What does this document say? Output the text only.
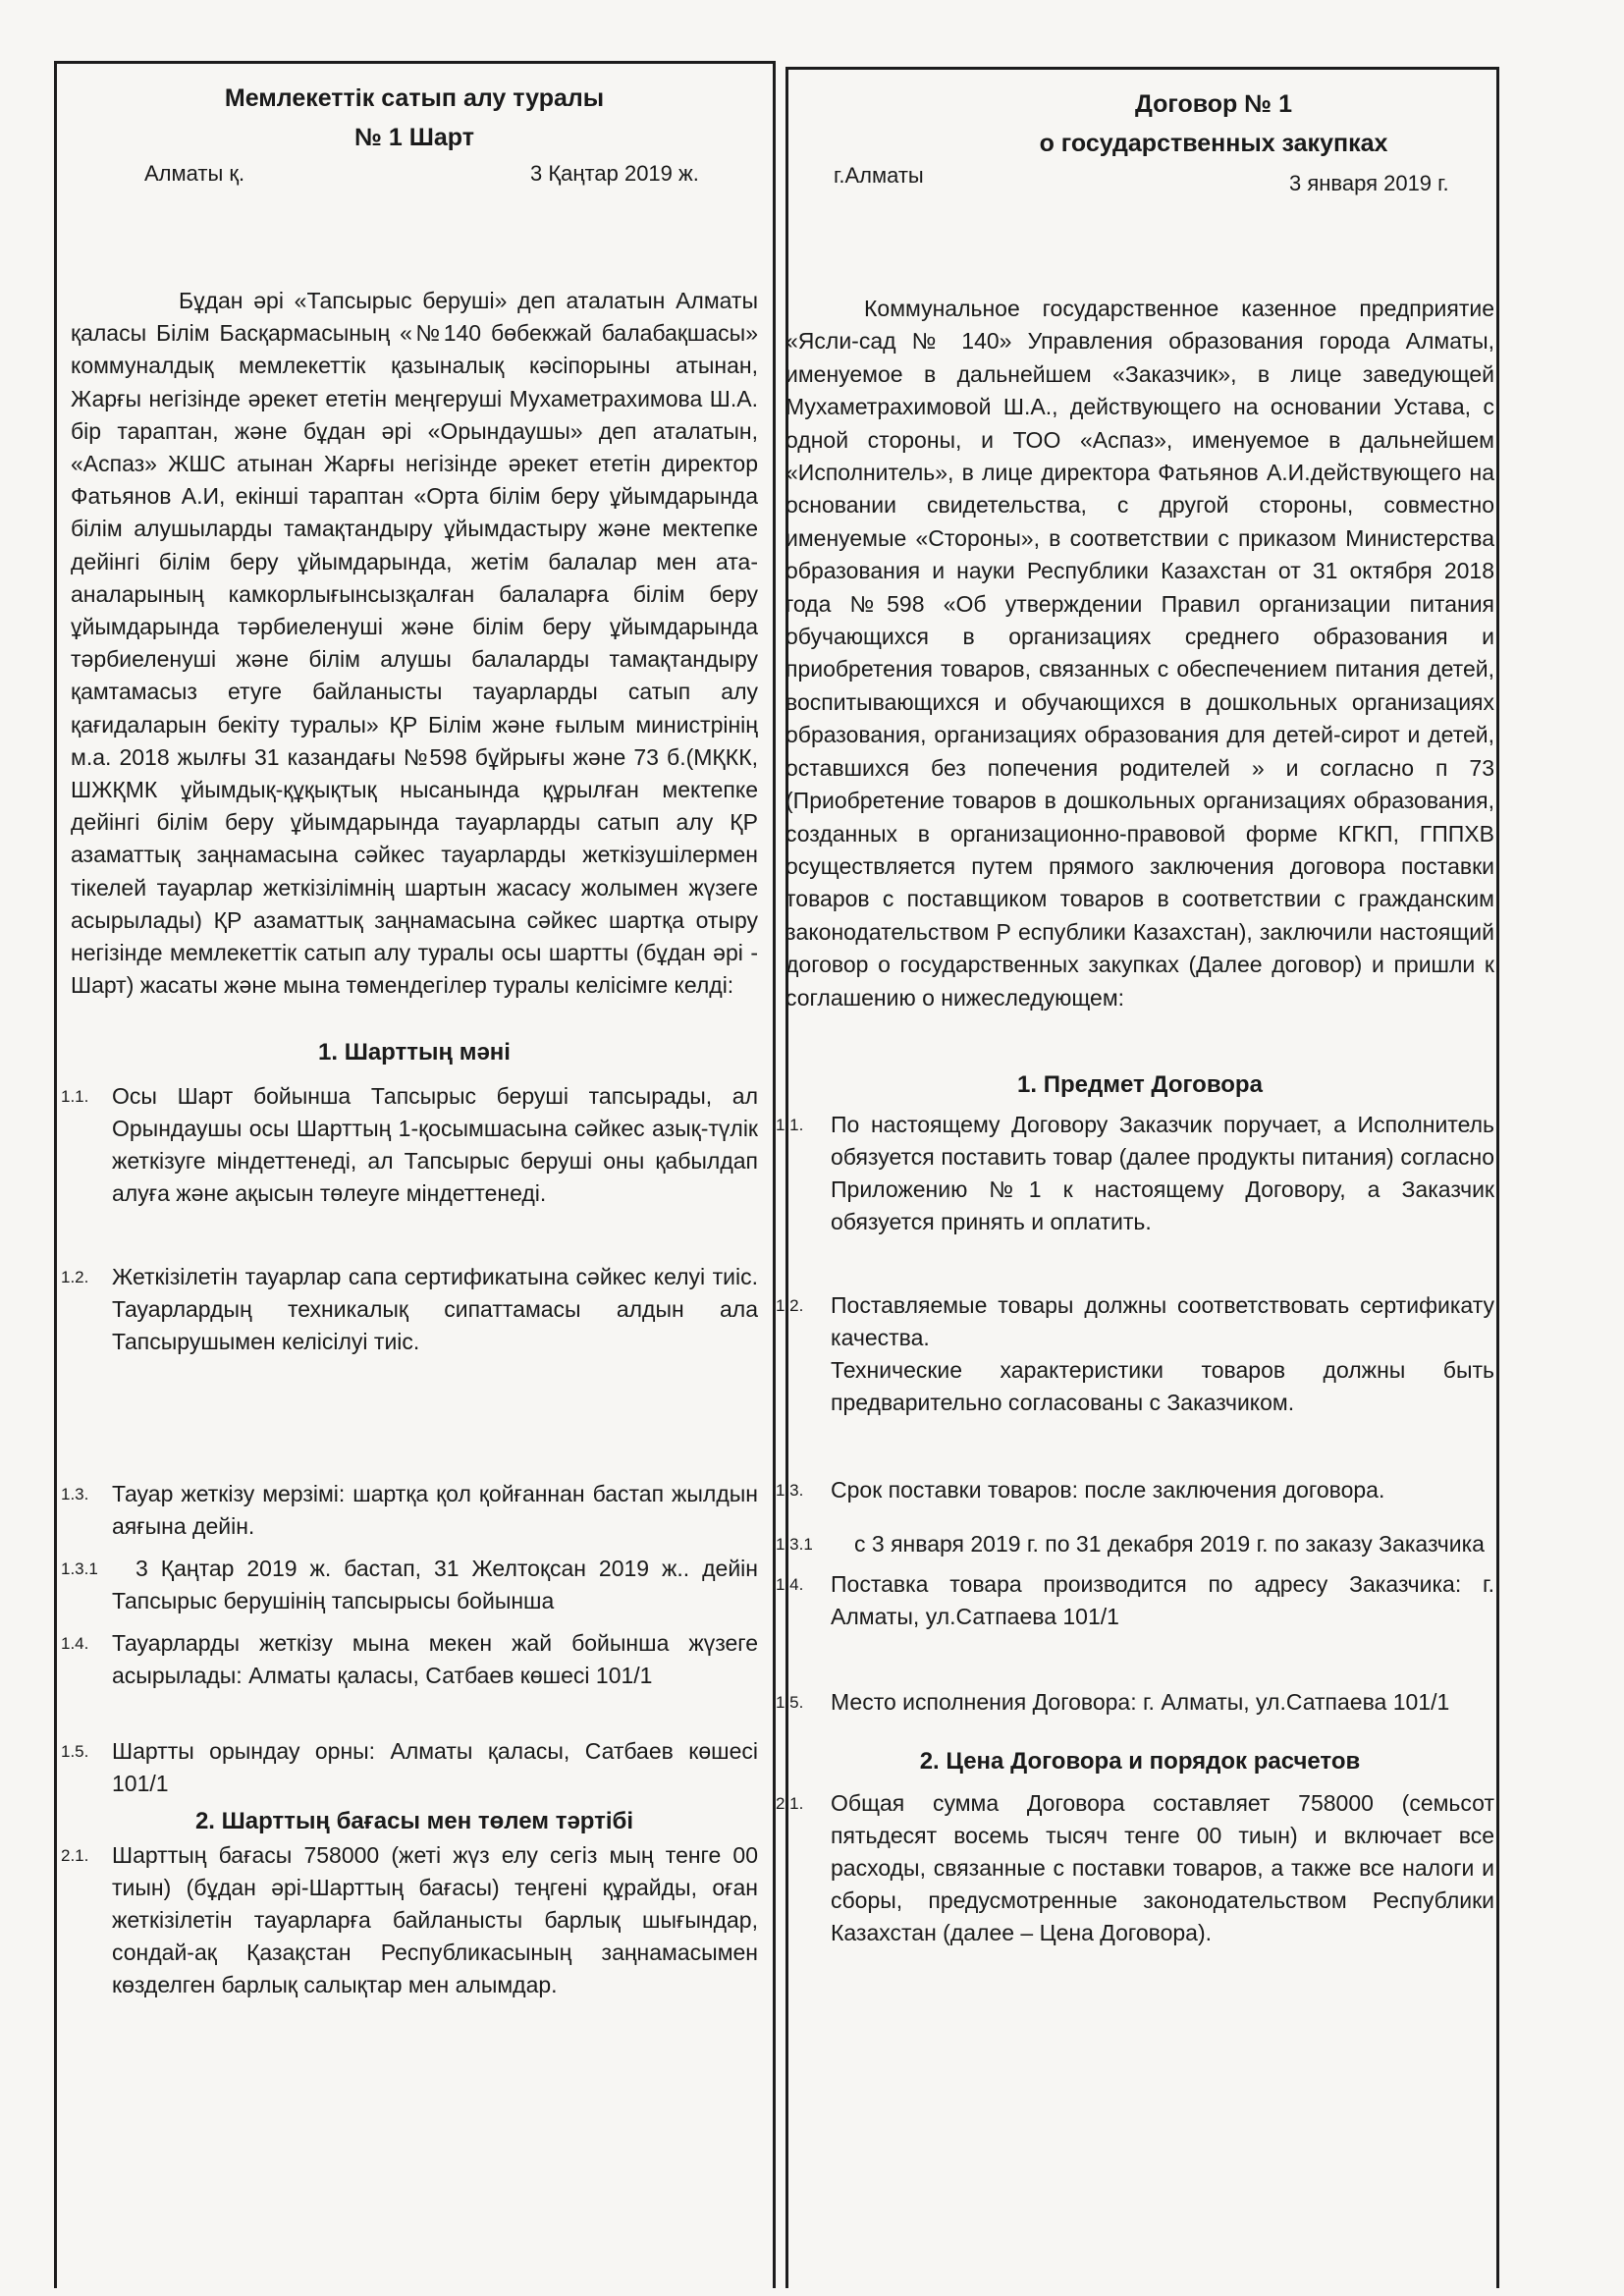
Мемлекеттік сатып алу туралы
№ 1 Шарт
Алматы қ.	3 Қаңтар 2019 ж.

Бұдан әрі «Тапсырыс беруші» деп аталатын Алматы қаласы Білім Басқармасының «№140 бөбекжай балабақшасы» коммуналдық мемлекеттік қазыналық кәсіпорыны атынан, Жарғы негізінде әрекет ететін меңгеруші Мухаметрахимова Ш.А. бір тараптан, және бұдан әрі «Орындаушы» деп аталатын, «Аспаз» ЖШС атынан Жарғы негізінде әрекет ететін директор Фатьянов А.И, екінші тараптан «Орта білім беру ұйымдарында білім алушыларды тамақтандыру ұйымдастыру және мектепке дейінгі білім беру ұйымдарында, жетім балалар мен ата-аналарының камкорлығынсызқалған балаларға білім беру ұйымдарында тәрбиеленуші және білім беру ұйымдарында тәрбиеленуші және білім алушы балаларды тамақтандыру қамтамасыз етуге байланысты тауарларды сатып алу қағидаларын бекіту туралы» ҚР Білім және ғылым министрінің м.а. 2018 жылғы 31 казандағы №598 бұйрығы және 73 б.(МҚКК, ШЖҚМК ұйымдық-құқықтық нысанында құрылған мектепке дейінгі білім беру ұйымдарында тауарларды сатып алу ҚР азаматтық заңнамасына сәйкес тауарларды жеткізушілермен тікелей тауарлар жеткізілімнің шартын жасасу жолымен жүзеге асырылады) ҚР азаматтық заңнамасына сәйкес шартқа отыру негізінде мемлекеттік сатып алу туралы осы шартты (бұдан әрі - Шарт) жасаты және мына төмендегілер туралы келісімге келді:

1. Шарттың мәні
1.1. Осы Шарт бойынша Тапсырыс беруші тапсырады, ал Орындаушы осы Шарттың 1-қосымшасына сәйкес азық-түлік жеткізуге міндеттенеді, ал Тапсырыс беруші оны қабылдап алуға және ақысын төлеуге міндеттенеді.
1.2. Жеткізілетін тауарлар сапа сертификатына сәйкес келуі тиіс. Тауарлардың техникалық сипаттамасы алдын ала Тапсырушымен келісілуі тиіс.
1.3. Тауар жеткізу мерзімі: шартқа қол қойғаннан бастап жылдын аяғына дейін.
1.3.1	3 Қаңтар 2019 ж. бастап, 31 Желтоқсан 2019 ж.. дейін Тапсырыс берушінің тапсырысы бойынша
1.4. Тауарларды жеткізу мына мекен жай бойынша жүзеге асырылады: Алматы қаласы, Сатбаев көшесі 101/1
1.5. Шартты орындау орны: Алматы қаласы, Сатбаев көшесі 101/1
2. Шарттың бағасы мен төлем тәртібі
2.1. Шарттың бағасы 758000 (жеті жүз елу сегіз мың тенге 00 тиын) (бұдан әрі-Шарттың бағасы) теңгені құрайды, оған жеткізілетін тауарларға байланысты барлық шығындар, сондай-ақ Қазақстан Республикасының заңнамасымен көзделген барлық салықтар мен алымдар.
Договор № 1
о государственных закупках
г.Алматы	3 января 2019 г.

Коммунальное государственное казенное предприятие «Ясли-сад № 140» Управления образования города Алматы, именуемое в дальнейшем «Заказчик», в лице заведующей Мухаметрахимовой Ш.А., действующего на основании Устава, с одной стороны, и ТОО «Аспаз», именуемое в дальнейшем «Исполнитель», в лице директора Фатьянов А.И.действующего на основании свидетельства, с другой стороны, совместно именуемые «Стороны», в соответствии с приказом Министерства образования и науки Республики Казахстан от 31 октября 2018 года №598 «Об утверждении Правил организации питания обучающихся в организациях среднего образования и приобретения товаров, связанных с обеспечением питания детей, воспитывающихся и обучающихся в дошкольных организациях образования, организациях образования для детей-сирот и детей, оставшихся без попечения родителей » и согласно п 73 (Приобретение товаров в дошкольных организациях образования, созданных в организационно-правовой форме КГКП, ГППХВ осуществляется путем прямого заключения договора поставки товаров с поставщиком товаров в соответствии с гражданским законодательством Р еспублики Казахстан), заключили настоящий договор о государственных закупках (Далее договор) и пришли к соглашению о нижеследующем:

1. Предмет Договора
1.1. По настоящему Договору Заказчик поручает, а Исполнитель обязуется поставить товар (далее продукты питания) согласно Приложению №1 к настоящему Договору, а Заказчик обязуется принять и оплатить.
1.2. Поставляемые товары должны соответствовать сертификату качества.
Технические характеристики товаров должны быть предварительно согласованы с Заказчиком.
1.3. Срок поставки товаров: после заключения договора.
1.3.1	с 3 января 2019 г. по 31 декабря 2019 г. по заказу Заказчика
1.4. Поставка товара производится по адресу Заказчика: г. Алматы, ул.Сатпаева 101/1
1.5. Место исполнения Договора: г. Алматы, ул.Сатпаева 101/1
2. Цена Договора и порядок расчетов
2.1. Общая сумма Договора составляет 758000 (семьсот пятьдесят восемь тысяч тенге 00 тиын) и включает все расходы, связанные с поставки товаров, а также все налоги и сборы, предусмотренные законодательством Республики Казахстан (далее – Цена Договора).
